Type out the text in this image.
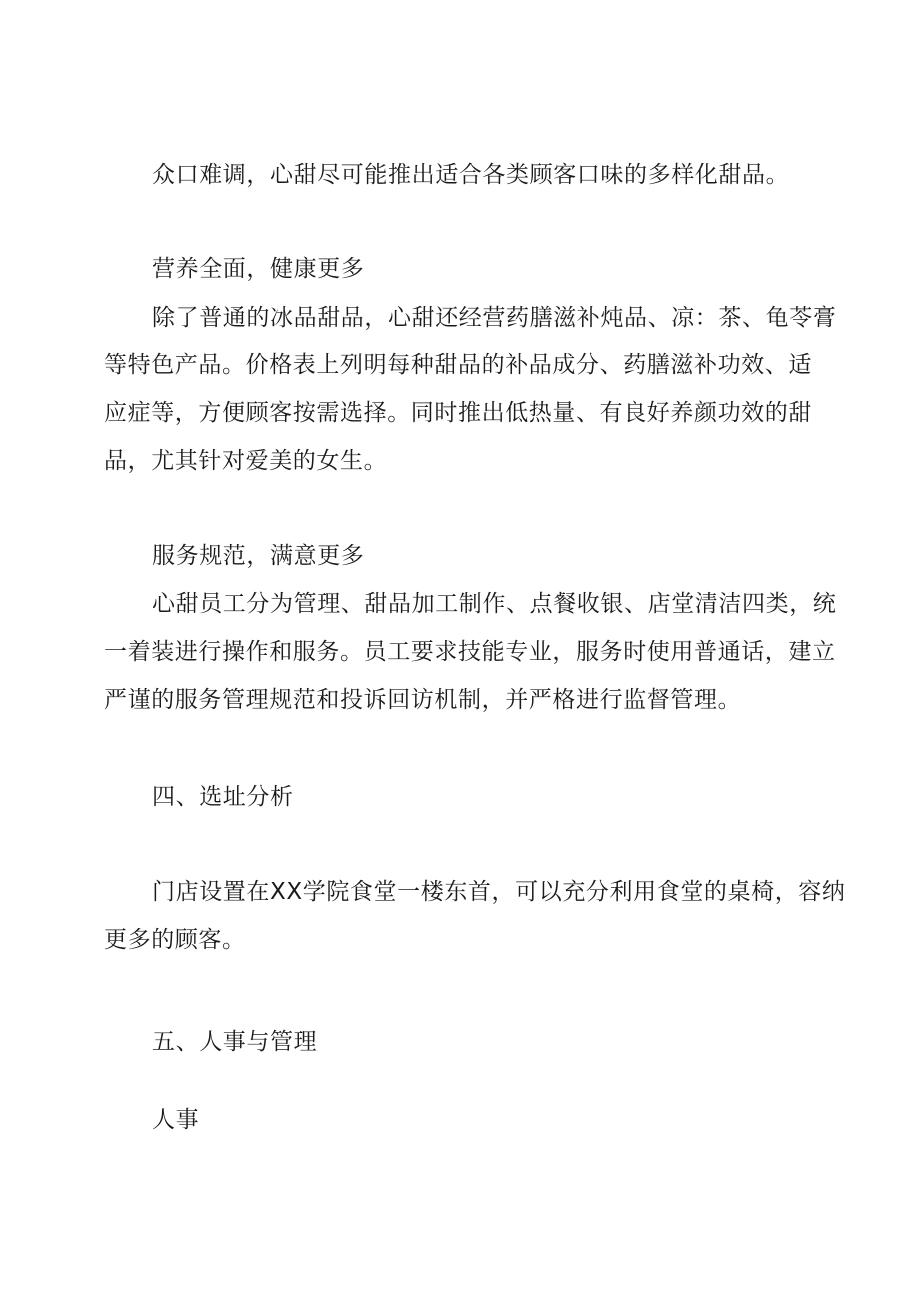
众口难调，心甜尽可能推出适合各类顾客口味的多样化甜品。
营养全面，健康更多
除了普通的冰品甜品，心甜还经营药膳滋补炖品、凉：茶、龟苓膏
等特色产品。价格表上列明每种甜品的补品成分、药膳滋补功效、适
应症等，方便顾客按需选择。同时推出低热量、有良好养颜功效的甜
品，尤其针对爱美的女生。
服务规范，满意更多
心甜员工分为管理、甜品加工制作、点餐收银、店堂清洁四类，统
一着装进行操作和服务。员工要求技能专业，服务时使用普通话，建立
严谨的服务管理规范和投诉回访机制，并严格进行监督管理。
四、选址分析
门店设置在XX学院食堂一楼东首，可以充分利用食堂的桌椅，容纳
更多的顾客。
五、人事与管理
人事
